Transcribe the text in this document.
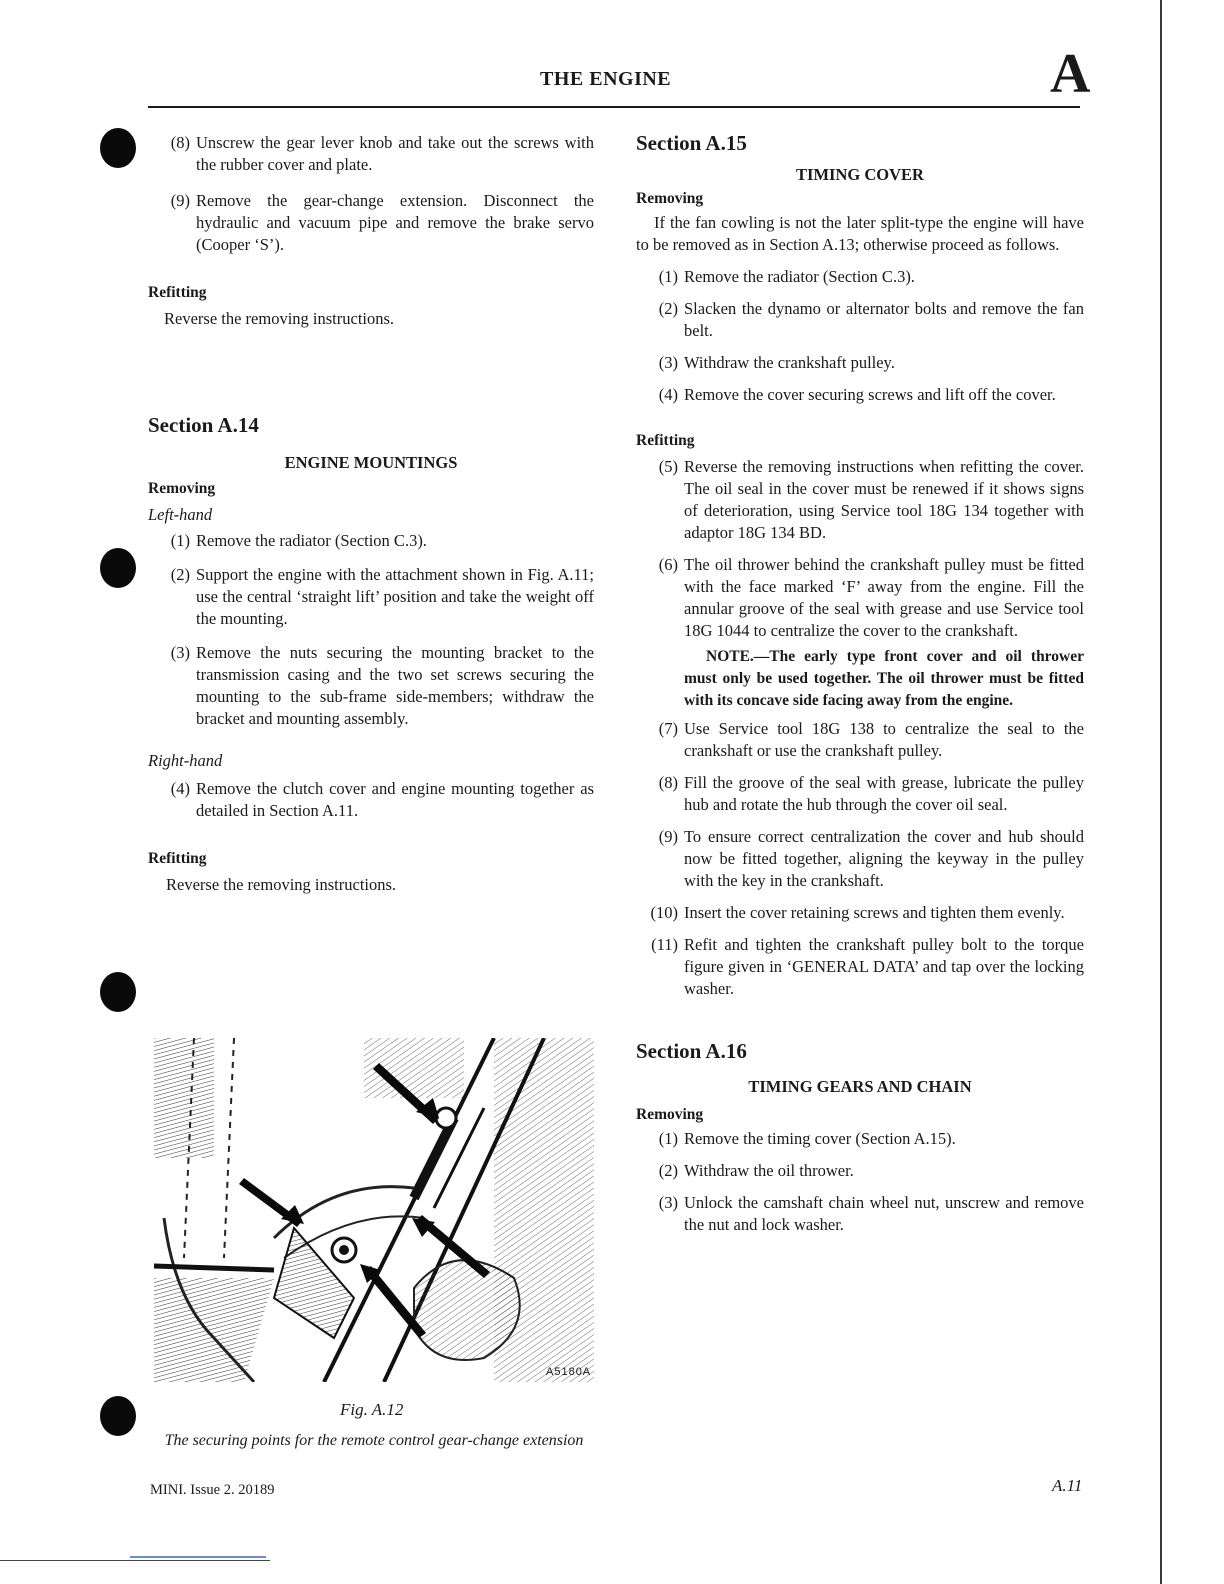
THE ENGINE	A
(8) Unscrew the gear lever knob and take out the screws with the rubber cover and plate.
(9) Remove the gear-change extension. Disconnect the hydraulic and vacuum pipe and remove the brake servo (Cooper ‘S’).

Refitting

Reverse the removing instructions.

Section A.14

ENGINE MOUNTINGS

Removing

Left-hand

(1) Remove the radiator (Section C.3).
(2) Support the engine with the attachment shown in Fig. A.11; use the central ‘straight lift’ position and take the weight off the mounting.
(3) Remove the nuts securing the mounting bracket to the transmission casing and the two set screws securing the mounting to the sub-frame side-members; withdraw the bracket and mounting assembly.

Right-hand

(4) Remove the clutch cover and engine mounting together as detailed in Section A.11.

Refitting

Reverse the removing instructions.

A5180A
Fig. A.12
The securing points for the remote control gear-change extension

Section A.15

TIMING COVER

Removing

If the fan cowling is not the later split-type the engine will have to be removed as in Section A.13; otherwise proceed as follows.

(1) Remove the radiator (Section C.3).
(2) Slacken the dynamo or alternator bolts and remove the fan belt.
(3) Withdraw the crankshaft pulley.
(4) Remove the cover securing screws and lift off the cover.

Refitting

(5) Reverse the removing instructions when refitting the cover. The oil seal in the cover must be renewed if it shows signs of deterioration, using Service tool 18G 134 together with adaptor 18G 134 BD.
(6) The oil thrower behind the crankshaft pulley must be fitted with the face marked ‘F’ away from the engine. Fill the annular groove of the seal with grease and use Service tool 18G 1044 to centralize the cover to the crankshaft.

NOTE.—The early type front cover and oil thrower must only be used together. The oil thrower must be fitted with its concave side facing away from the engine.

(7) Use Service tool 18G 138 to centralize the seal to the crankshaft or use the crankshaft pulley.
(8) Fill the groove of the seal with grease, lubricate the pulley hub and rotate the hub through the cover oil seal.
(9) To ensure correct centralization the cover and hub should now be fitted together, aligning the keyway in the pulley with the key in the crankshaft.
(10) Insert the cover retaining screws and tighten them evenly.
(11) Refit and tighten the crankshaft pulley bolt to the torque figure given in ‘GENERAL DATA’ and tap over the locking washer.

Section A.16

TIMING GEARS AND CHAIN

Removing

(1) Remove the timing cover (Section A.15).
(2) Withdraw the oil thrower.
(3) Unlock the camshaft chain wheel nut, unscrew and remove the nut and lock washer.
MINI. Issue 2. 20189	A.11
